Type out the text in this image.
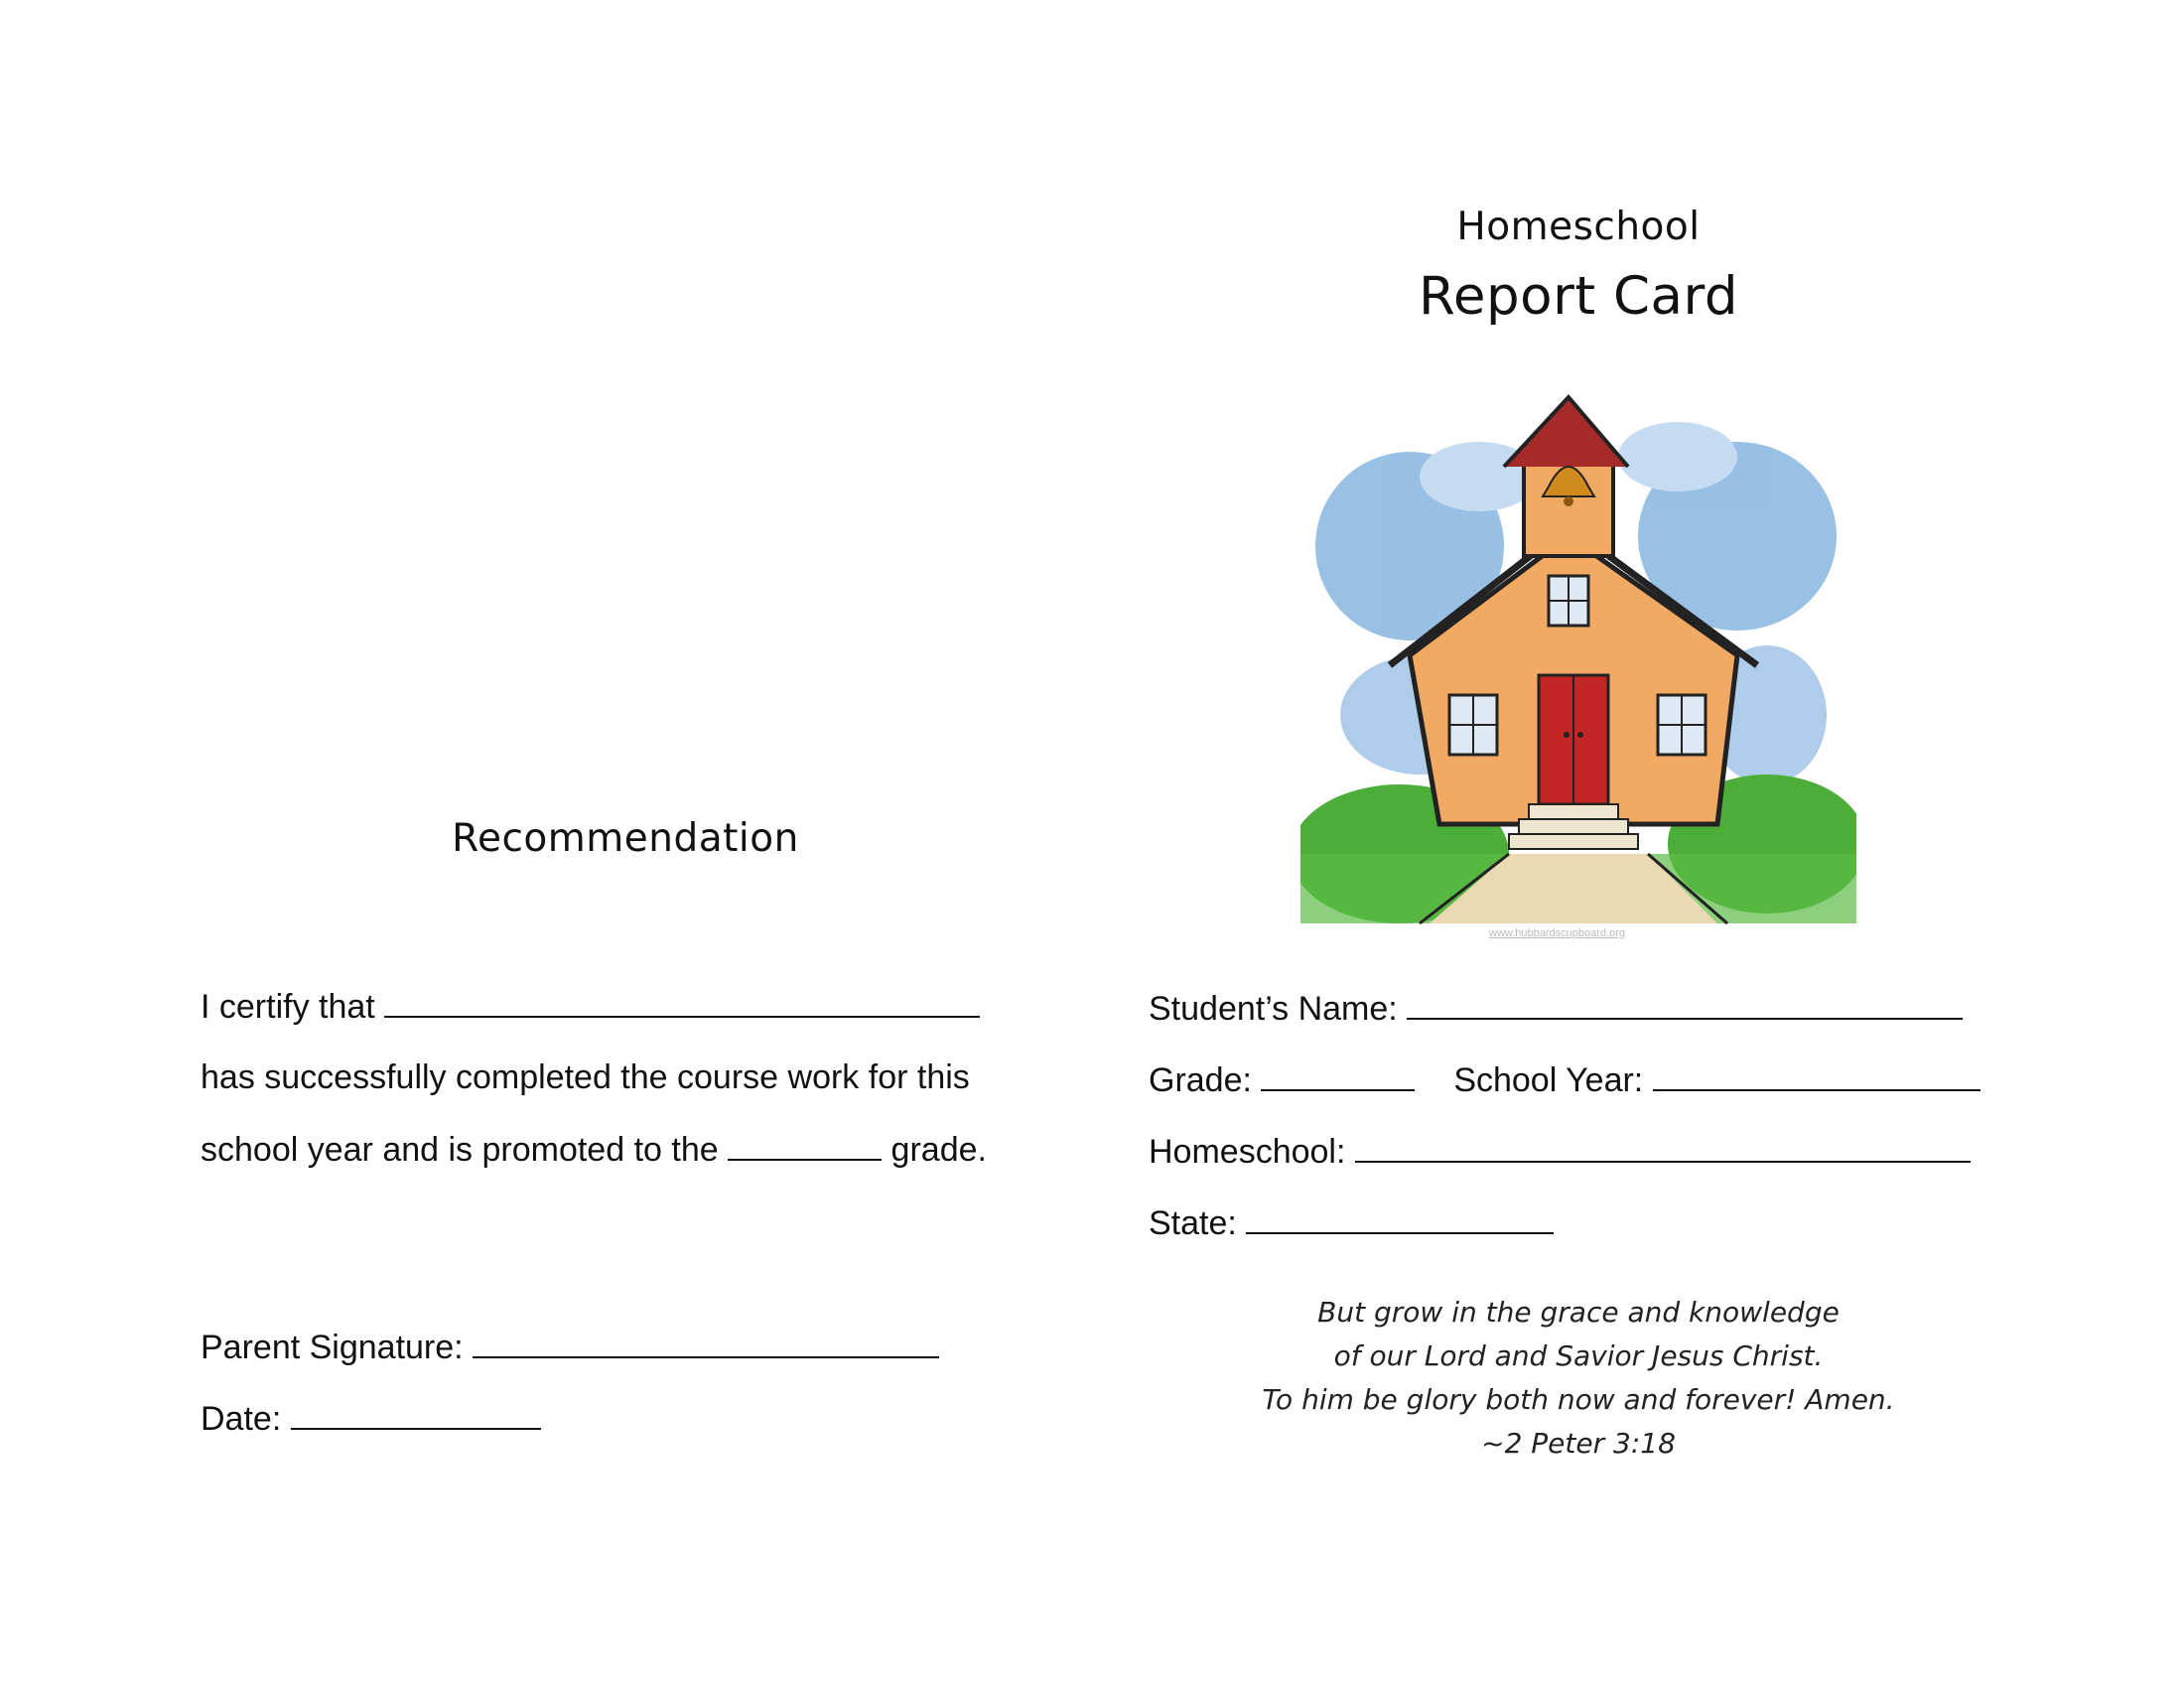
Homeschool
Report Card
www.hubbardscupboard.org
Student’s Name:
Grade:	School Year:
Homeschool:
State:
But grow in the grace and knowledge
of our Lord and Savior Jesus Christ.
To him be glory both now and forever! Amen.
~2 Peter 3:18
Recommendation
I certify that
has successfully completed the course work for this
school year and is promoted to the	grade.
Parent Signature:
Date:
